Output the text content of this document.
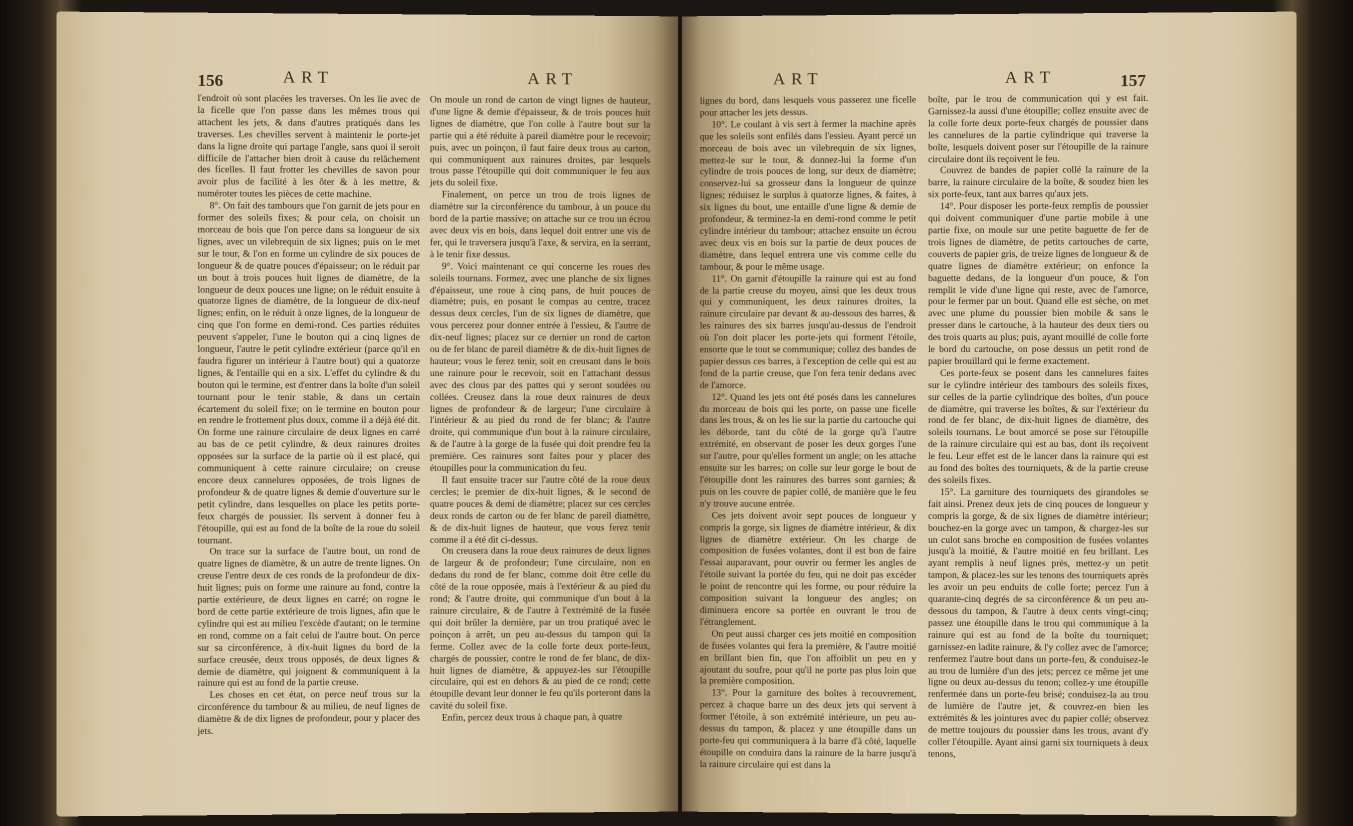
156	ART	ART

l'endroit où sont placées les traverses. On les lie avec de la ficelle que l'on passe dans les mêmes trous qui attachent les jets, & dans d'autres pratiqués dans les traverses. Les chevilles servent à maintenir le porte-jet dans la ligne droite qui partage l'angle, sans quoi il seroit difficile de l'attacher bien droit à cause du relâchement des ficelles. Il faut frotter les chevilles de savon pour avoir plus de facilité à les ôter & à les mettre, & numéroter toutes les pièces de cette machine.

8°. On fait des tambours que l'on garnit de jets pour en former des soleils fixes; & pour cela, on choisit un morceau de bois que l'on perce dans sa longueur de six lignes, avec un vilebrequin de six lignes; puis on le met sur le tour, & l'on en forme un cylindre de six pouces de longueur & de quatre pouces d'épaisseur; on le réduit par un bout à trois pouces huit lignes de diamètre, de la longueur de deux pouces une ligne; on le réduit ensuite à quatorze lignes de diamètre, de la longueur de dix-neuf lignes; enfin, on le réduit à onze lignes, de la longueur de cinq que l'on forme en demi-rond. Ces parties réduites peuvent s'appeler, l'une le bouton qui a cinq lignes de longueur, l'autre le petit cylindre extérieur (parce qu'il en faudra figurer un intérieur à l'autre bout) qui a quatorze lignes, & l'entaille qui en a six. L'effet du cylindre & du bouton qui le termine, est d'entrer dans la boîte d'un soleil tournant pour le tenir stable, & dans un certain écartement du soleil fixe; on le termine en bouton pour en rendre le frottement plus doux, comme il a déjà été dit. On forme une rainure circulaire de deux lignes en carré au bas de ce petit cylindre, & deux rainures droites opposées sur la surface de la partie où il est placé, qui communiquent à cette rainure circulaire; on creuse encore deux cannelures opposées, de trois lignes de profondeur & de quatre lignes & demie d'ouverture sur le petit cylindre, dans lesquelles on place les petits porte-feux chargés de poussier. Ils servent à donner feu à l'étoupille, qui est au fond de la boîte de la roue du soleil tournant.

On trace sur la surface de l'autre bout, un rond de quatre lignes de diamètre, & un autre de trente lignes. On creuse l'entre deux de ces ronds de la profondeur de dix-huit lignes; puis on forme une rainure au fond, contre la partie extérieure, de deux lignes en carré; on rogne le bord de cette partie extérieure de trois lignes, afin que le cylindre qui est au milieu l'excède d'autant; on le termine en rond, comme on a fait celui de l'autre bout. On perce sur sa circonférence, à dix-huit lignes du bord de la surface creusée, deux trous opposés, de deux lignes & demie de diamètre, qui joignent & communiquent à la rainure qui est au fond de la partie creuse.

Les choses en cet état, on perce neuf trous sur la circonférence du tambour & au milieu, de neuf lignes de diamètre & de dix lignes de profondeur, pour y placer des jets.

On moule un rond de carton de vingt lignes de hauteur, d'une ligne & demie d'épaisseur, & de trois pouces huit lignes de diamètre, que l'on colle à l'autre bout sur la partie qui a été réduite à pareil diamètre pour le recevoir; puis, avec un poinçon, il faut faire deux trous au carton, qui communiquent aux rainures droites, par lesquels trous passe l'étoupille qui doit communiquer le feu aux jets du soleil fixe.

Finalement, on perce un trou de trois lignes de diamètre sur la circonférence du tambour, à un pouce du bord de la partie massive; on attache sur ce trou un écrou avec deux vis en bois, dans lequel doit entrer une vis de fer, qui le traversera jusqu'à l'axe, & servira, en la serrant, à le tenir fixe dessus.

9°. Voici maintenant ce qui concerne les roues des soleils tournans. Formez, avec une planche de six lignes d'épaisseur, une roue à cinq pans, de huit pouces de diamètre; puis, en posant le compas au centre, tracez dessus deux cercles, l'un de six lignes de diamètre, que vous percerez pour donner entrée à l'essieu, & l'autre de dix-neuf lignes; placez sur ce dernier un rond de carton ou de fer blanc de pareil diamètre & de dix-huit lignes de hauteur; vous le ferez tenir, soit en creusant dans le bois une rainure pour le recevoir, soit en l'attachant dessus avec des clous par des pattes qui y seront soudées ou collées. Creusez dans la roue deux rainures de deux lignes de profondeur & de largeur; l'une circulaire à l'intérieur & au pied du rond de fer blanc; & l'autre droite, qui communique d'un bout à la rainure circulaire, & de l'autre à la gorge de la fusée qui doit prendre feu la première. Ces rainures sont faites pour y placer des étoupilles pour la communication du feu.

Il faut ensuite tracer sur l'autre côté de la roue deux cercles; le premier de dix-huit lignes, & le second de quatre pouces & demi de diamètre; placez sur ces cercles deux ronds de carton ou de fer blanc de pareil diamètre, & de dix-huit lignes de hauteur, que vous ferez tenir comme il a été dit ci-dessus.

On creusera dans la roue deux rainures de deux lignes de largeur & de profondeur; l'une circulaire, non en dedans du rond de fer blanc, comme doit être celle du côté de la roue opposée, mais à l'extérieur & au pied du rond; & l'autre droite, qui communique d'un bout à la rainure circulaire, & de l'autre à l'extrémité de la fusée qui doit brûler la dernière, par un trou pratiqué avec le poinçon à arrêt, un peu au-dessus du tampon qui la ferme. Collez avec de la colle forte deux porte-feux, chargés de poussier, contre le rond de fer blanc, de dix-huit lignes de diamètre, & appuyez-les sur l'étoupille circulaire, qui est en dehors & au pied de ce rond; cette étoupille devant leur donner le feu qu'ils porteront dans la cavité du soleil fixe.

Enfin, percez deux trous à chaque pan, à quatre

ART	ART	157

lignes du bord, dans lesquels vous passerez une ficelle pour attacher les jets dessus.

10°. Le coulant à vis sert à fermer la machine après que les soleils sont enfilés dans l'essieu. Ayant percé un morceau de bois avec un vilebrequin de six lignes, mettez-le sur le tour, & donnez-lui la forme d'un cylindre de trois pouces de long, sur deux de diamètre; conservez-lui sa grosseur dans la longueur de quinze lignes; réduisez le surplus à quatorze lignes, & faites, à six lignes du bout, une entaille d'une ligne & demie de profondeur, & terminez-la en demi-rond comme le petit cylindre intérieur du tambour; attachez ensuite un écrou avec deux vis en bois sur la partie de deux pouces de diamètre, dans lequel entrera une vis comme celle du tambour, & pour le même usage.

11°. On garnit d'étoupille la rainure qui est au fond de la partie creuse du moyeu, ainsi que les deux trous qui y communiquent, les deux rainures droites, la rainure circulaire par devant & au-dessous des barres, & les rainures des six barres jusqu'au-dessus de l'endroit où l'on doit placer les porte-jets qui forment l'étoile, ensorte que le tout se communique; collez des bandes de papier dessus ces barres, à l'exception de celle qui est au fond de la partie creuse, que l'on fera tenir dedans avec de l'amorce.

12°. Quand les jets ont été posés dans les cannelures du morceau de bois qui les porte, on passe une ficelle dans les trous, & on les lie sur la partie du cartouche qui les déborde, tant du côté de la gorge qu'à l'autre extrémité, en observant de poser les deux gorges l'une sur l'autre, pour qu'elles forment un angle; on les attache ensuite sur les barres; on colle sur leur gorge le bout de l'étoupille dont les rainures des barres sont garnies; & puis on les couvre de papier collé, de manière que le feu n'y trouve aucune entrée.

Ces jets doivent avoir sept pouces de longueur y compris la gorge, six lignes de diamètre intérieur, & dix lignes de diamètre extérieur. On les charge de composition de fusées volantes, dont il est bon de faire l'essai auparavant, pour ouvrir ou fermer les angles de l'étoile suivant la portée du feu, qui ne doit pas excéder le point de rencontre qui les forme, ou pour réduire la composition suivant la longueur des angles; on diminuera encore sa portée en ouvrant le trou de l'étranglement.

On peut aussi charger ces jets moitié en composition de fusées volantes qui fera la première, & l'autre moitié en brillant bien fin, que l'on affoiblit un peu en y ajoutant du soufre, pour qu'il ne porte pas plus loin que la première composition.

13°. Pour la garniture des boîtes à recouvrement, percez à chaque barre un des deux jets qui servent à former l'étoile, à son extrémité intérieure, un peu au-dessus du tampon, & placez y une étoupille dans un porte-feu qui communiquera à la barre d'à côté, laquelle étoupille on conduira dans la rainure de la barre jusqu'à la rainure circulaire qui est dans la

boîte, par le trou de communication qui y est fait. Garnissez-la aussi d'une étoupille; collez ensuite avec de la colle forte deux porte-feux chargés de poussier dans les cannelures de la partie cylindrique qui traverse la boîte, lesquels doivent poser sur l'étoupille de la rainure circulaire dont ils reçoivent le feu.

Couvrez de bandes de papier collé la rainure de la barre, la rainure circulaire de la boîte, & soudez bien les six porte-feux, tant aux barres qu'aux jets.

14°. Pour disposer les porte-feux remplis de poussier qui doivent communiquer d'une partie mobile à une partie fixe, on moule sur une petite baguette de fer de trois lignes de diamètre, de petits cartouches de carte, couverts de papier gris, de treize lignes de longueur & de quatre lignes de diamètre extérieur; on enfonce la baguette dedans, de la longueur d'un pouce, & l'on remplit le vide d'une ligne qui reste, avec de l'amorce, pour le fermer par un bout. Quand elle est sèche, on met avec une plume du poussier bien mobile & sans le presser dans le cartouche, à la hauteur des deux tiers ou des trois quarts au plus; puis, ayant mouillé de colle forte le bord du cartouche, on pose dessus un petit rond de papier brouillard qui le ferme exactement.

Ces porte-feux se posent dans les cannelures faites sur le cylindre intérieur des tambours des soleils fixes, sur celles de la partie cylindrique des boîtes, d'un pouce de diamètre, qui traverse les boîtes, & sur l'extérieur du rond de fer blanc, de dix-huit lignes de diamètre, des soleils tournans. Le bout amorcé se pose sur l'étoupille de la rainure circulaire qui est au bas, dont ils reçoivent le feu. Leur effet est de le lancer dans la rainure qui est au fond des boîtes des tourniquets, & de la partie creuse des soleils fixes.

15°. La garniture des tourniquets des girandoles se fait ainsi. Prenez deux jets de cinq pouces de longueur y compris la gorge, & de six lignes de diamètre intérieur; bouchez-en la gorge avec un tampon, & chargez-les sur un culot sans broche en composition de fusées volantes jusqu'à la moitié, & l'autre moitié en feu brillant. Les ayant remplis à neuf lignes près, mettez-y un petit tampon, & placez-les sur les tenons des tourniquets après les avoir un peu enduits de colle forte; percez l'un à quarante-cinq degrés de sa circonférence & un peu au-dessous du tampon, & l'autre à deux cents vingt-cinq; passez une étoupille dans le trou qui communique à la rainure qui est au fond de la boîte du tourniquet; garnissez-en ladite rainure, & l'y collez avec de l'amorce; renfermez l'autre bout dans un porte-feu, & conduisez-le au trou de lumière d'un des jets; percez ce même jet une ligne ou deux au-dessus du tenon; collez-y une étoupille renfermée dans un porte-feu brisé; conduisez-la au trou de lumière de l'autre jet, & couvrez-en bien les extrémités & les jointures avec du papier collé; observez de mettre toujours du poussier dans les trous, avant d'y coller l'étoupille. Ayant ainsi garni six tourniquets à deux tenons,
